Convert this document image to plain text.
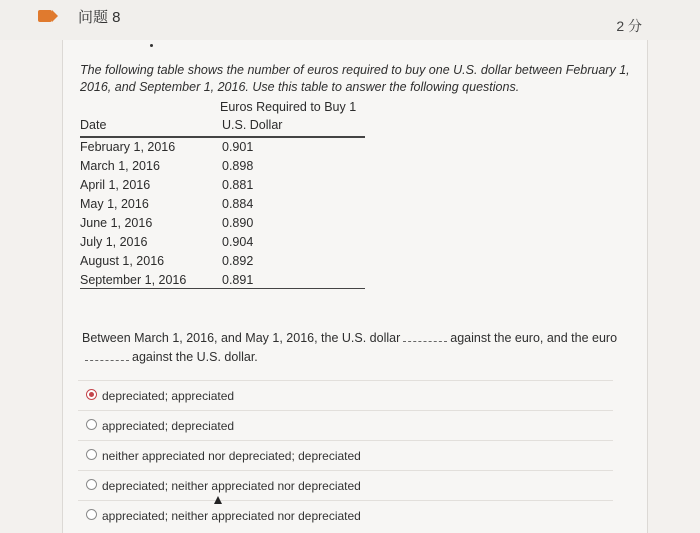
问题 8	2 分
The following table shows the number of euros required to buy one U.S. dollar between February 1, 2016, and September 1, 2016. Use this table to answer the following questions.
Euros Required to Buy 1
Date	U.S. Dollar
February 1, 2016	0.901
March 1, 2016	0.898
April 1, 2016	0.881
May 1, 2016	0.884
June 1, 2016	0.890
July 1, 2016	0.904
August 1, 2016	0.892
September 1, 2016	0.891
Between March 1, 2016, and May 1, 2016, the U.S. dollar	against the euro, and the euro
against the U.S. dollar.
depreciated; appreciated
appreciated; depreciated
neither appreciated nor depreciated; depreciated
depreciated; neither appreciated nor depreciated
appreciated; neither appreciated nor depreciated
